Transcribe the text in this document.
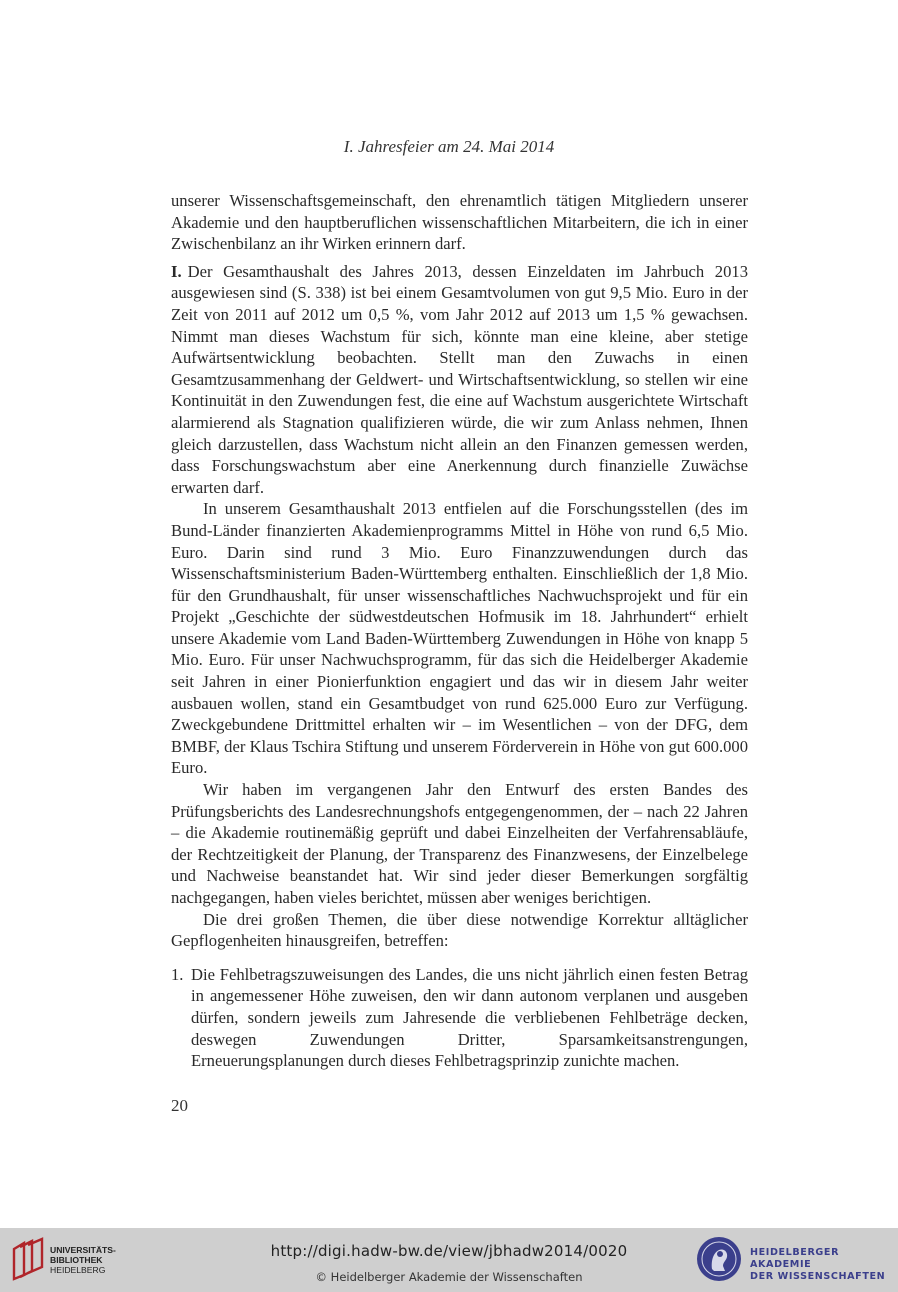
I. Jahresfeier am 24. Mai 2014

unserer Wissenschaftsgemeinschaft, den ehrenamtlich tätigen Mitgliedern unserer Akademie und den hauptberuflichen wissenschaftlichen Mitarbeitern, die ich in einer Zwischenbilanz an ihr Wirken erinnern darf.

I. Der Gesamthaushalt des Jahres 2013, dessen Einzeldaten im Jahrbuch 2013 ausgewiesen sind (S. 338) ist bei einem Gesamtvolumen von gut 9,5 Mio. Euro in der Zeit von 2011 auf 2012 um 0,5 %, vom Jahr 2012 auf 2013 um 1,5 % gewachsen. Nimmt man dieses Wachstum für sich, könnte man eine kleine, aber stetige Aufwärtsentwicklung beobachten. Stellt man den Zuwachs in einen Gesamtzusammenhang der Geldwert- und Wirtschaftsentwicklung, so stellen wir eine Kontinuität in den Zuwendungen fest, die eine auf Wachstum ausgerichtete Wirtschaft alarmierend als Stagnation qualifizieren würde, die wir zum Anlass nehmen, Ihnen gleich darzustellen, dass Wachstum nicht allein an den Finanzen gemessen werden, dass Forschungswachstum aber eine Anerkennung durch finanzielle Zuwächse erwarten darf.

In unserem Gesamthaushalt 2013 entfielen auf die Forschungsstellen (des im Bund-Länder finanzierten Akademienprogramms Mittel in Höhe von rund 6,5 Mio. Euro. Darin sind rund 3 Mio. Euro Finanzzuwendungen durch das Wissenschaftsministerium Baden-Württemberg enthalten. Einschließlich der 1,8 Mio. für den Grundhaushalt, für unser wissenschaftliches Nachwuchsprojekt und für ein Projekt „Geschichte der südwestdeutschen Hofmusik im 18. Jahrhundert“ erhielt unsere Akademie vom Land Baden-Württemberg Zuwendungen in Höhe von knapp 5 Mio. Euro. Für unser Nachwuchsprogramm, für das sich die Heidelberger Akademie seit Jahren in einer Pionierfunktion engagiert und das wir in diesem Jahr weiter ausbauen wollen, stand ein Gesamtbudget von rund 625.000 Euro zur Verfügung. Zweckgebundene Drittmittel erhalten wir – im Wesentlichen – von der DFG, dem BMBF, der Klaus Tschira Stiftung und unserem Förderverein in Höhe von gut 600.000 Euro.

Wir haben im vergangenen Jahr den Entwurf des ersten Bandes des Prüfungsberichts des Landesrechnungshofs entgegengenommen, der – nach 22 Jahren – die Akademie routinemäßig geprüft und dabei Einzelheiten der Verfahrensabläufe, der Rechtzeitigkeit der Planung, der Transparenz des Finanzwesens, der Einzelbelege und Nachweise beanstandet hat. Wir sind jeder dieser Bemerkungen sorgfältig nachgegangen, haben vieles berichtet, müssen aber weniges berichtigen.

Die drei großen Themen, die über diese notwendige Korrektur alltäglicher Gepflogenheiten hinausgreifen, betreffen:

1. Die Fehlbetragszuweisungen des Landes, die uns nicht jährlich einen festen Betrag in angemessener Höhe zuweisen, den wir dann autonom verplanen und ausgeben dürfen, sondern jeweils zum Jahresende die verbliebenen Fehlbeträge decken, deswegen Zuwendungen Dritter, Sparsamkeitsanstrengungen, Erneuerungsplanungen durch dieses Fehlbetragsprinzip zunichte machen.

20
UNIVERSITÄTS-
BIBLIOTHEK
HEIDELBERG
http://digi.hadw-bw.de/view/jbhadw2014/0020
© Heidelberger Akademie der Wissenschaften
HEIDELBERGER AKADEMIE
DER WISSENSCHAFTEN
